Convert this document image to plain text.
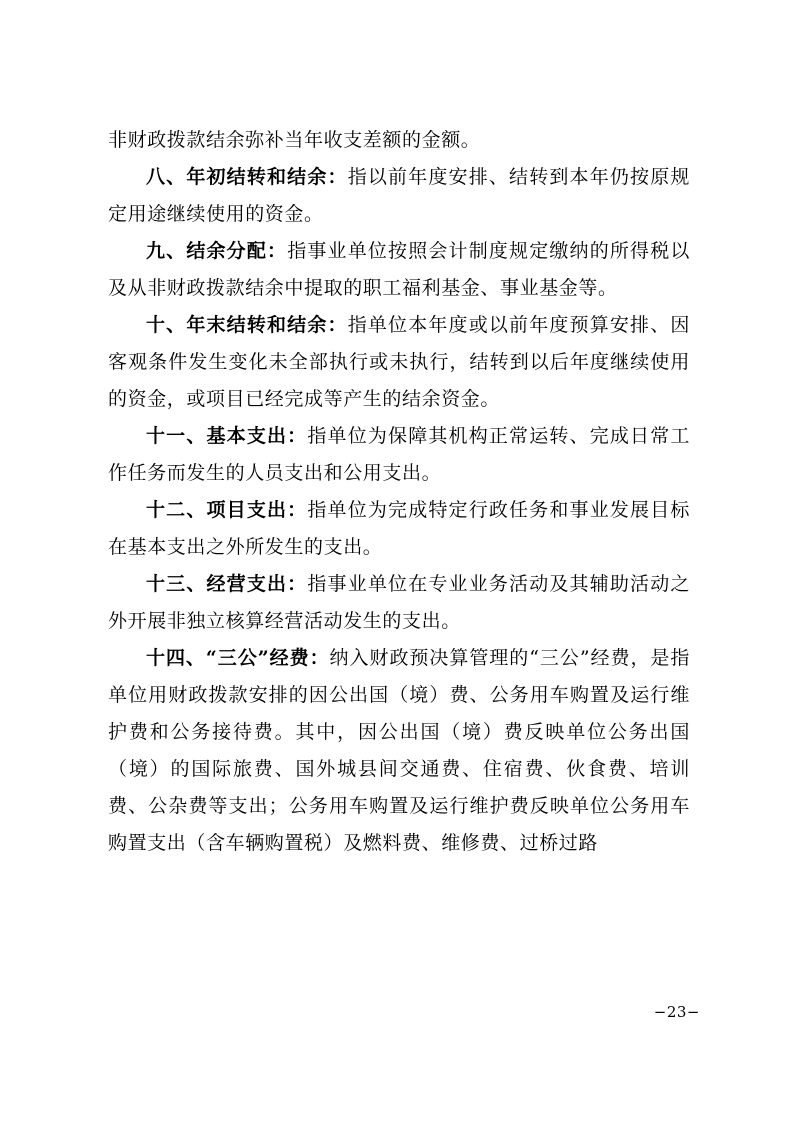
非财政拨款结余弥补当年收支差额的金额。

八、年初结转和结余：指以前年度安排、结转到本年仍按原规定用途继续使用的资金。

九、结余分配：指事业单位按照会计制度规定缴纳的所得税以及从非财政拨款结余中提取的职工福利基金、事业基金等。

十、年末结转和结余：指单位本年度或以前年度预算安排、因客观条件发生变化未全部执行或未执行，结转到以后年度继续使用的资金，或项目已经完成等产生的结余资金。

十一、基本支出：指单位为保障其机构正常运转、完成日常工作任务而发生的人员支出和公用支出。

十二、项目支出：指单位为完成特定行政任务和事业发展目标在基本支出之外所发生的支出。

十三、经营支出：指事业单位在专业业务活动及其辅助活动之外开展非独立核算经营活动发生的支出。

十四、“三公”经费：纳入财政预决算管理的“三公”经费，是指单位用财政拨款安排的因公出国（境）费、公务用车购置及运行维护费和公务接待费。其中，因公出国（境）费反映单位公务出国（境）的国际旅费、国外城县间交通费、住宿费、伙食费、培训费、公杂费等支出；公务用车购置及运行维护费反映单位公务用车购置支出（含车辆购置税）及燃料费、维修费、过桥过路

−23−
